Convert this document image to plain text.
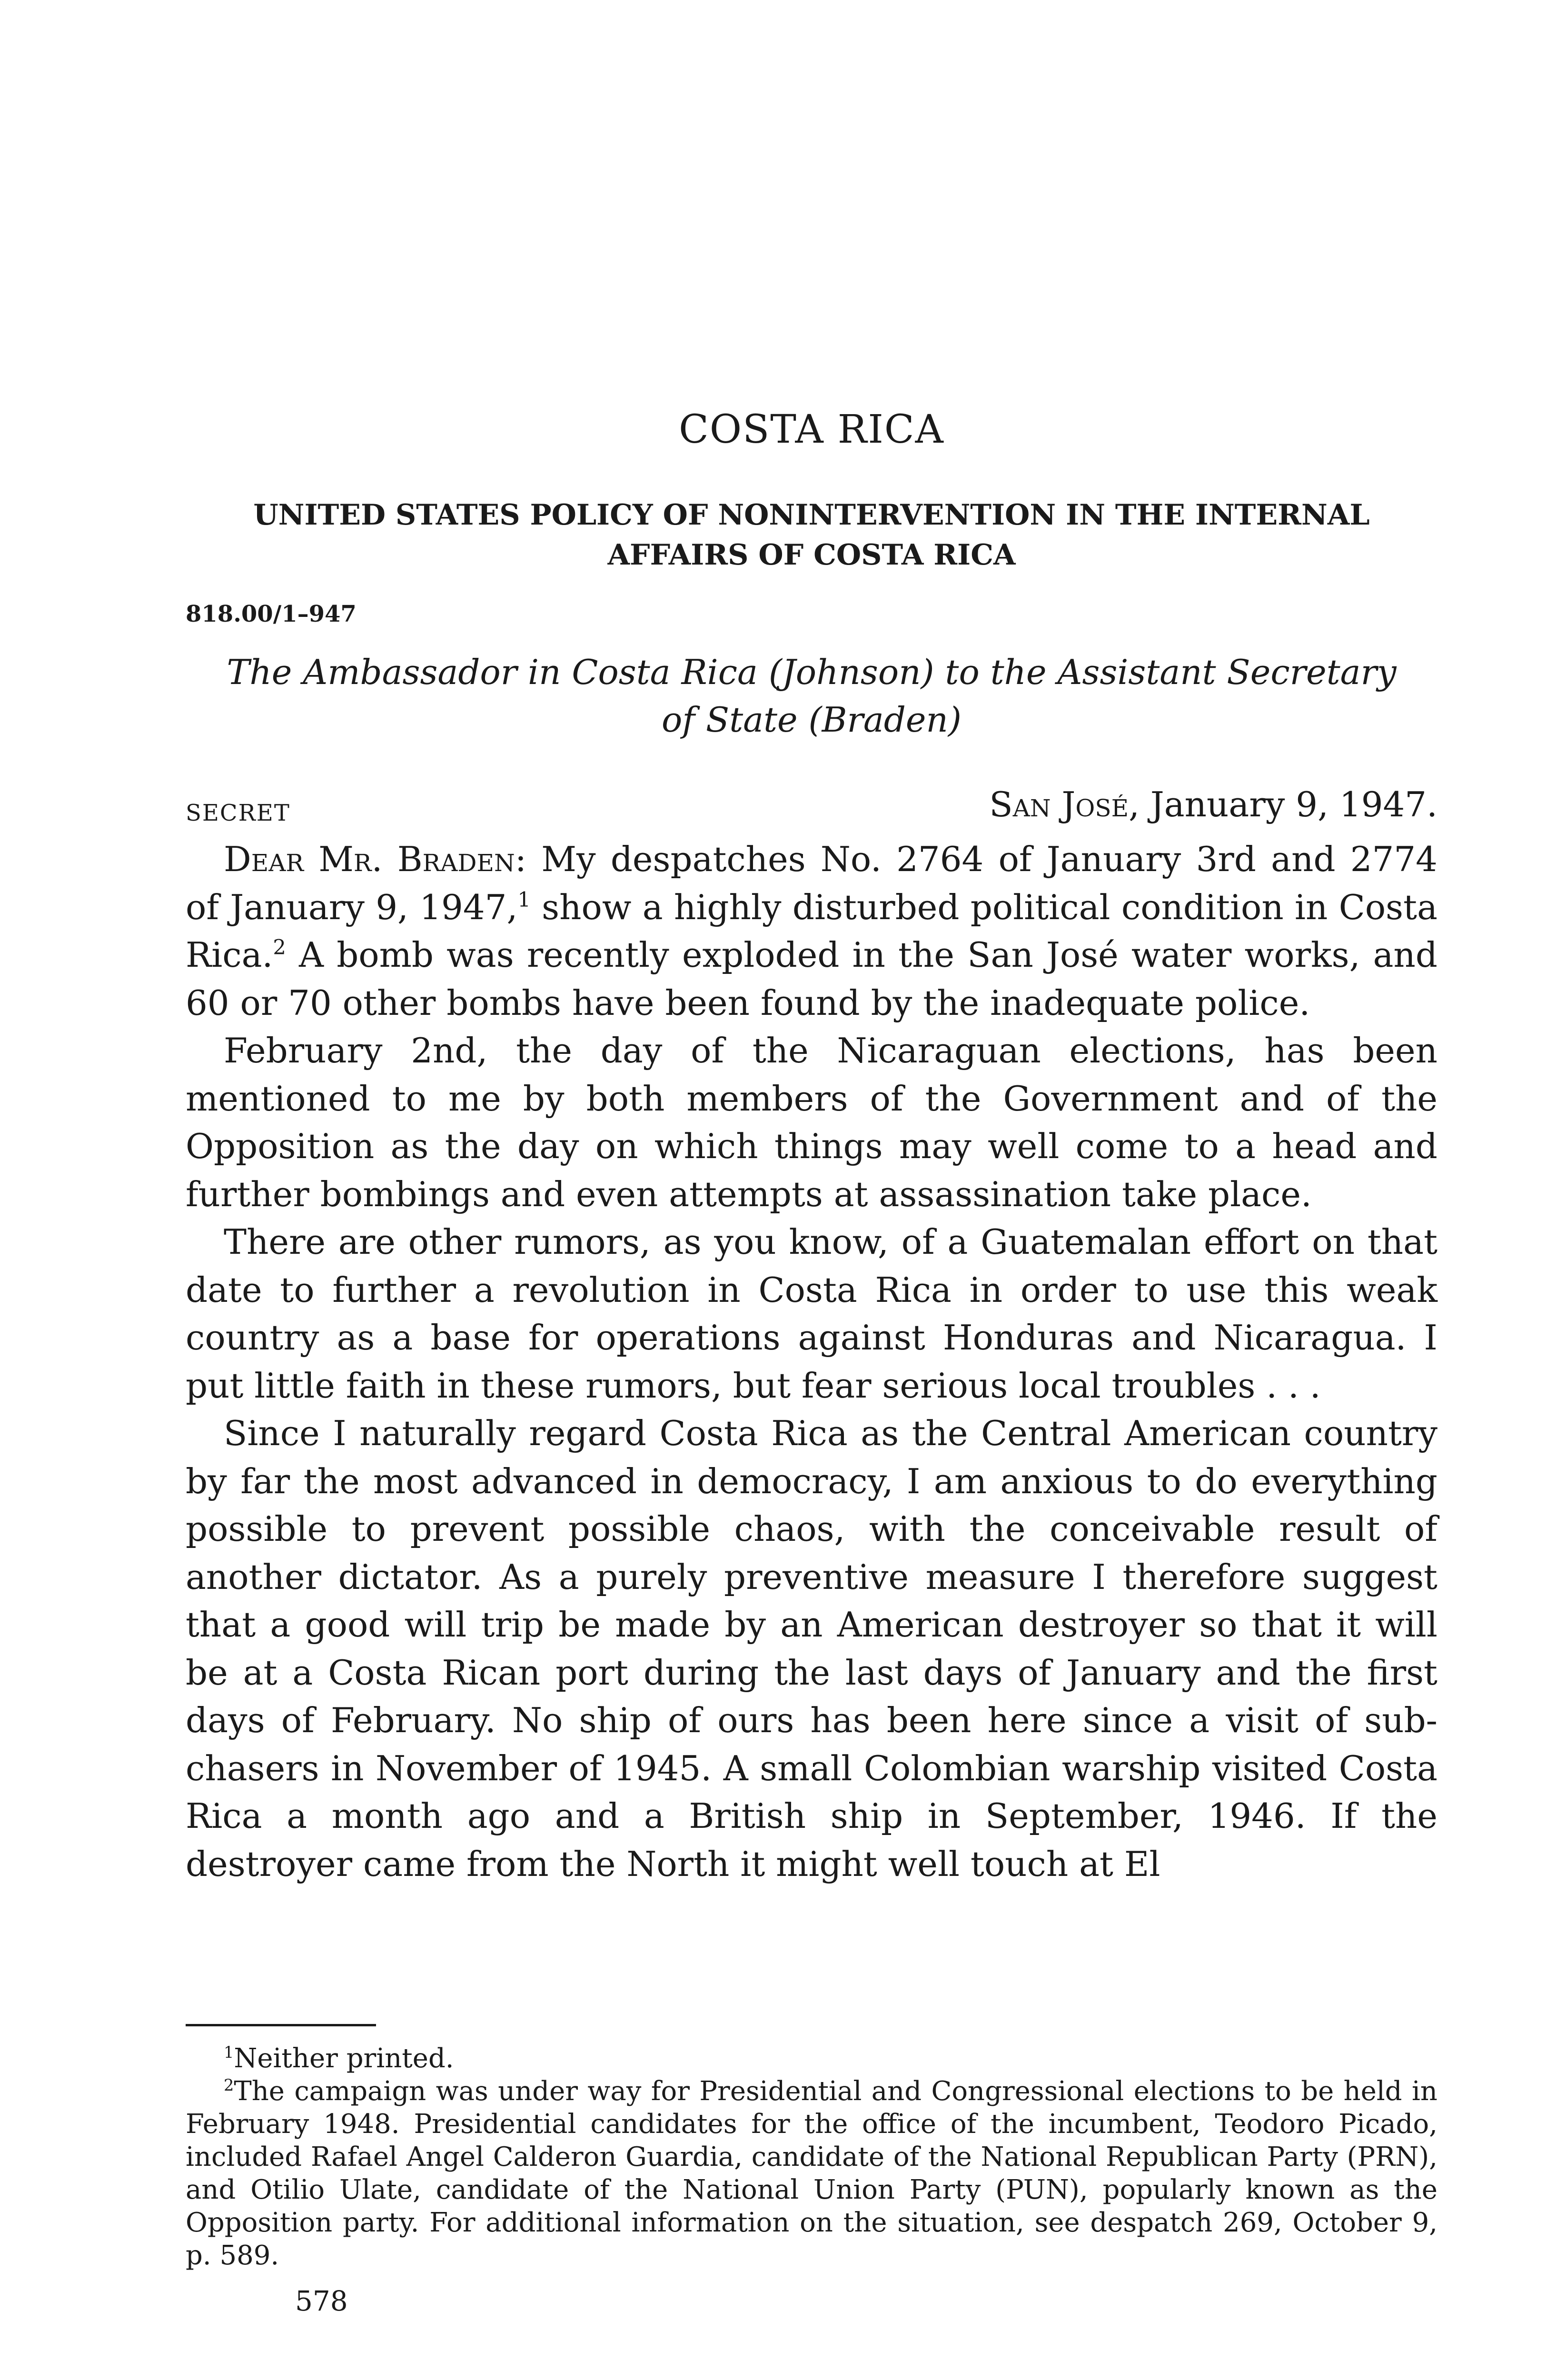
COSTA RICA
UNITED STATES POLICY OF NONINTERVENTION IN THE INTERNAL
AFFAIRS OF COSTA RICA
818.00/1–947
The Ambassador in Costa Rica (Johnson) to the Assistant Secretary
of State (Braden)
SECRET	San José, January 9, 1947.

Dear Mr. Braden: My despatches No. 2764 of January 3rd and 2774 of January 9, 1947,$^1$ show a highly disturbed political condition in Costa Rica.$^2$ A bomb was recently exploded in the San José water works, and 60 or 70 other bombs have been found by the inadequate police.

February 2nd, the day of the Nicaraguan elections, has been mentioned to me by both members of the Government and of the Opposition as the day on which things may well come to a head and further bombings and even attempts at assassination take place.

There are other rumors, as you know, of a Guatemalan effort on that date to further a revolution in Costa Rica in order to use this weak country as a base for operations against Honduras and Nicaragua. I put little faith in these rumors, but fear serious local troubles . . .

Since I naturally regard Costa Rica as the Central American country by far the most advanced in democracy, I am anxious to do everything possible to prevent possible chaos, with the conceivable result of another dictator. As a purely preventive measure I therefore suggest that a good will trip be made by an American destroyer so that it will be at a Costa Rican port during the last days of January and the first days of February. No ship of ours has been here since a visit of sub-chasers in November of 1945. A small Colombian warship visited Costa Rica a month ago and a British ship in September, 1946. If the destroyer came from the North it might well touch at El

$^1$Neither printed.

$^2$The campaign was under way for Presidential and Congressional elections to be held in February 1948. Presidential candidates for the office of the incumbent, Teodoro Picado, included Rafael Angel Calderon Guardia, candidate of the National Republican Party (PRN), and Otilio Ulate, candidate of the National Union Party (PUN), popularly known as the Opposition party. For additional information on the situation, see despatch 269, October 9, p. 589.

578
